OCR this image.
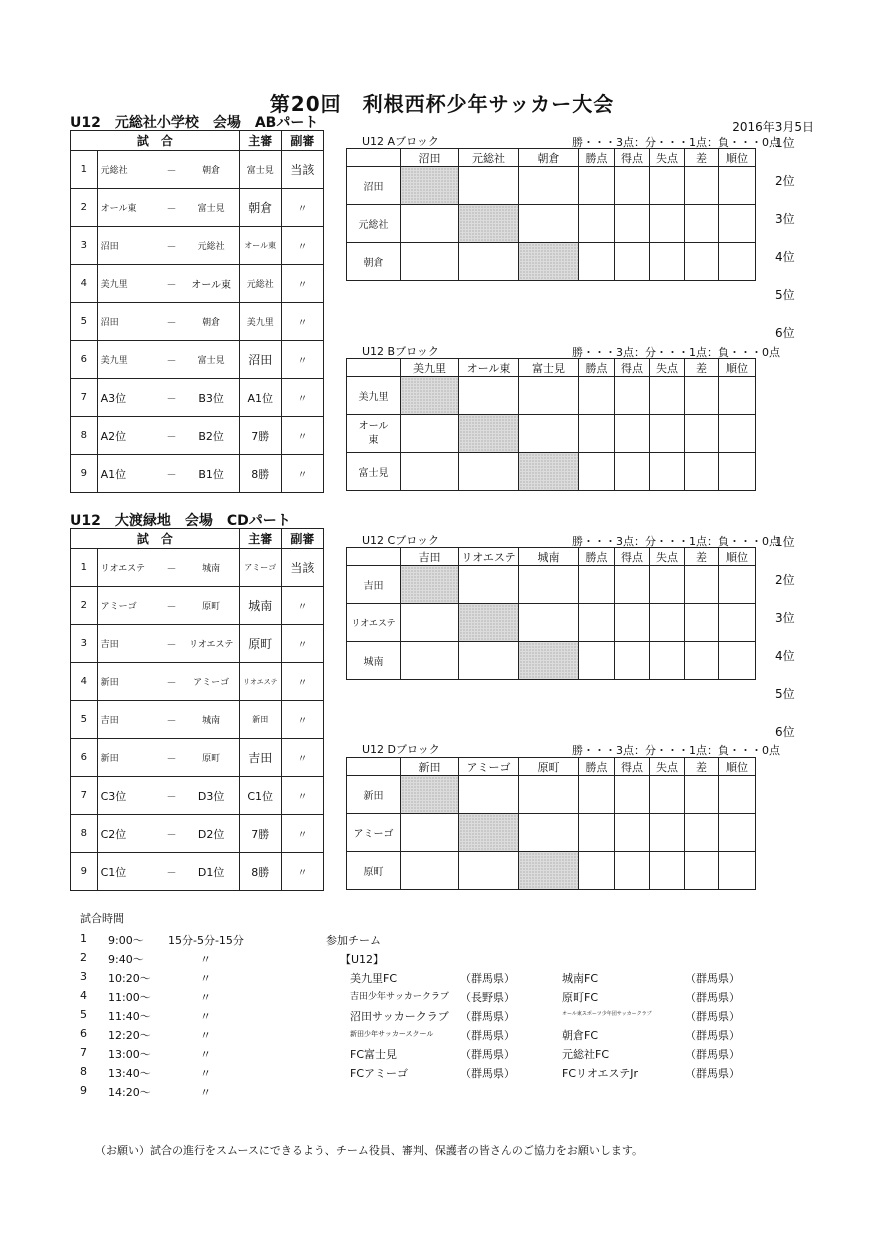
第20回　利根西杯少年サッカー大会
2016年3月5日
U12　元総社小学校　会場　ABパート
試　合				主審	副審
1	元総社	－	朝倉	富士見	当該
2	オール東	－	富士見	朝倉	〃
3	沼田	－	元総社	オール東	〃
4	美九里	－	オール東	元総社	〃
5	沼田	－	朝倉	美九里	〃
6	美九里	－	富士見	沼田	〃
7	A3位	－	B3位	A1位	〃
8	A2位	－	B2位	7勝	〃
9	A1位	－	B1位	8勝	〃
U12　大渡緑地　会場　CDパート
試　合				主審	副審
1	リオエステ	－	城南	アミーゴ	当該
2	アミーゴ	－	原町	城南	〃
3	吉田	－	リオエステ	原町	〃
4	新田	－	アミーゴ	リオエステ	〃
5	吉田	－	城南	新田	〃
6	新田	－	原町	吉田	〃
7	C3位	－	D3位	C1位	〃
8	C2位	－	D2位	7勝	〃
9	C1位	－	D1位	8勝	〃
U12 Aブロック	勝・・・3点：分・・・1点：負・・・0点
	沼田	元総社	朝倉	勝点	得点	失点	差	順位
沼田								
元総社								
朝倉								
U12 Bブロック	勝・・・3点：分・・・1点：負・・・0点
	美九里	オール東	富士見	勝点	得点	失点	差	順位
美九里								
オール東								
富士見								
U12 Cブロック	勝・・・3点：分・・・1点：負・・・0点
	吉田	リオエステ	城南	勝点	得点	失点	差	順位
吉田								
リオエステ								
城南								
U12 Dブロック	勝・・・3点：分・・・1点：負・・・0点
	新田	アミーゴ	原町	勝点	得点	失点	差	順位
新田								
アミーゴ								
原町								
1位
2位
3位
4位
5位
6位
1位
2位
3位
4位
5位
6位
試合時間
1 9:00～ 15分-5分-15分
2 9:40～	〃
3 10:20～	〃
4 11:00～	〃
5 11:40～	〃
6 12:20～	〃
7 13:00～	〃
8 13:40～	〃
9 14:20～	〃
参加チーム
【U12】
美九里FC	（群馬県）
吉田少年サッカークラブ （長野県）
沼田サッカークラブ （群馬県）
新田少年サッカースクール （群馬県）
FC富士見	（群馬県）
FCアミーゴ	（群馬県）
城南FC	（群馬県）
原町FC	（群馬県）
オール東スポーツ少年団サッカークラブ	（群馬県）
朝倉FC	（群馬県）
元総社FC	（群馬県）
FCリオエステJr	（群馬県）
（お願い）試合の進行をスムースにできるよう、チーム役員、審判、保護者の皆さんのご協力をお願いします。
